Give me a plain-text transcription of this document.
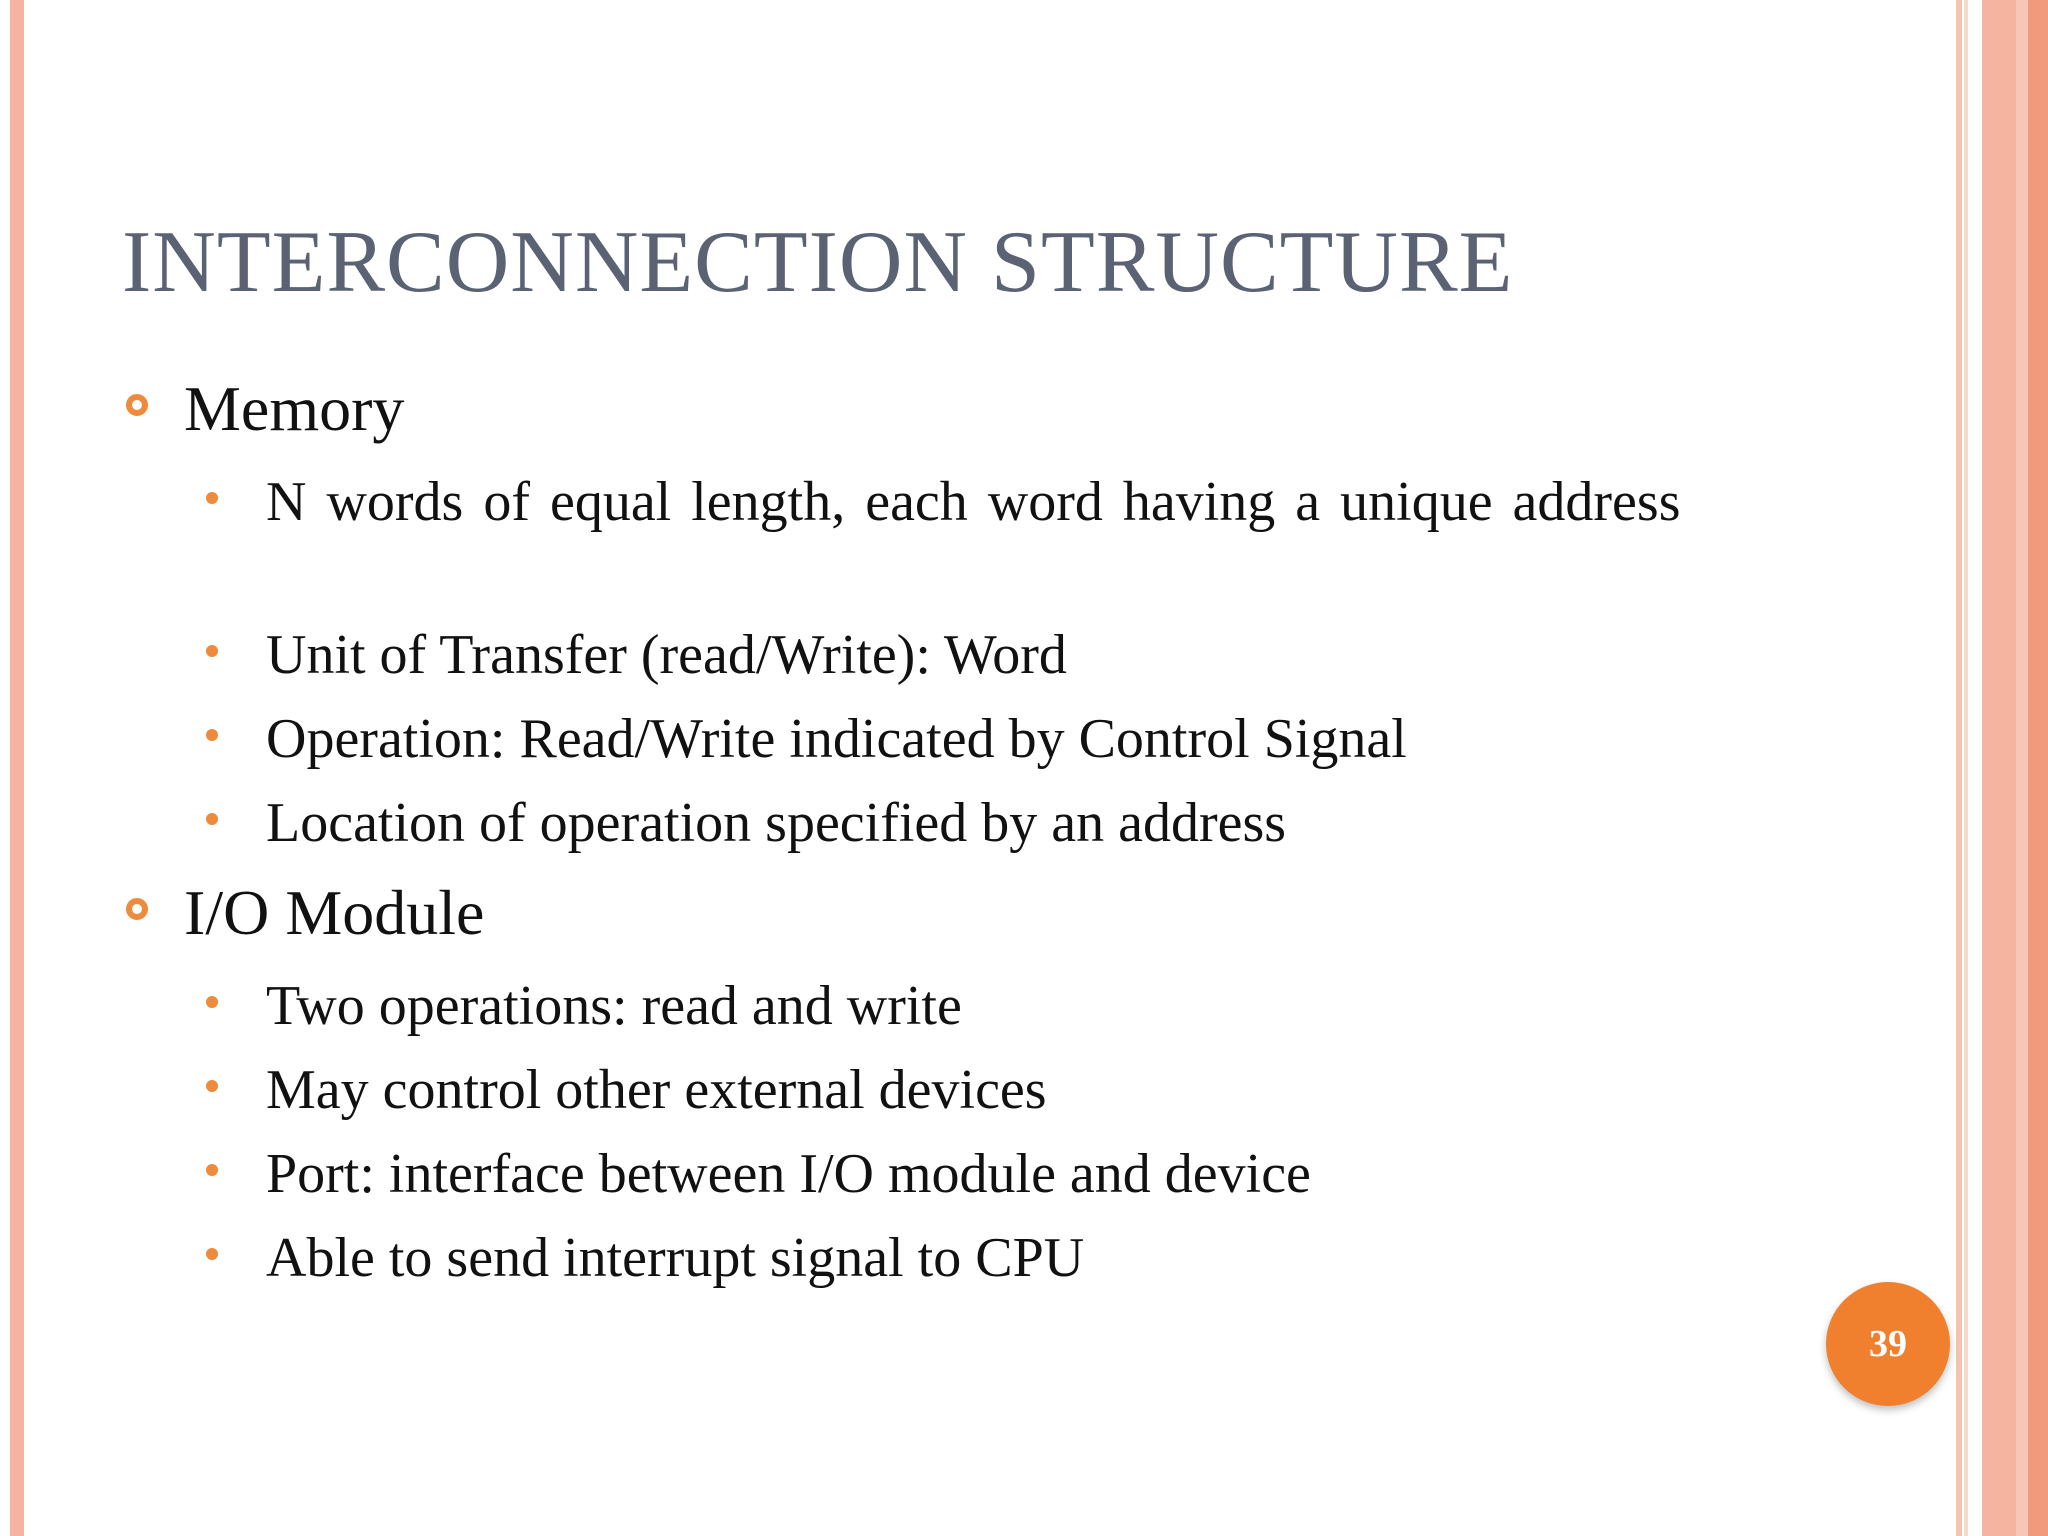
INTERCONNECTION STRUCTURE
Memory
N words of equal length, each word having a unique address
Unit of Transfer (read/Write): Word
Operation: Read/Write indicated by Control Signal
Location of operation specified by an address
I/O Module
Two operations: read and write
May control other external devices
Port: interface between I/O module and device
Able to send interrupt signal to CPU
39
